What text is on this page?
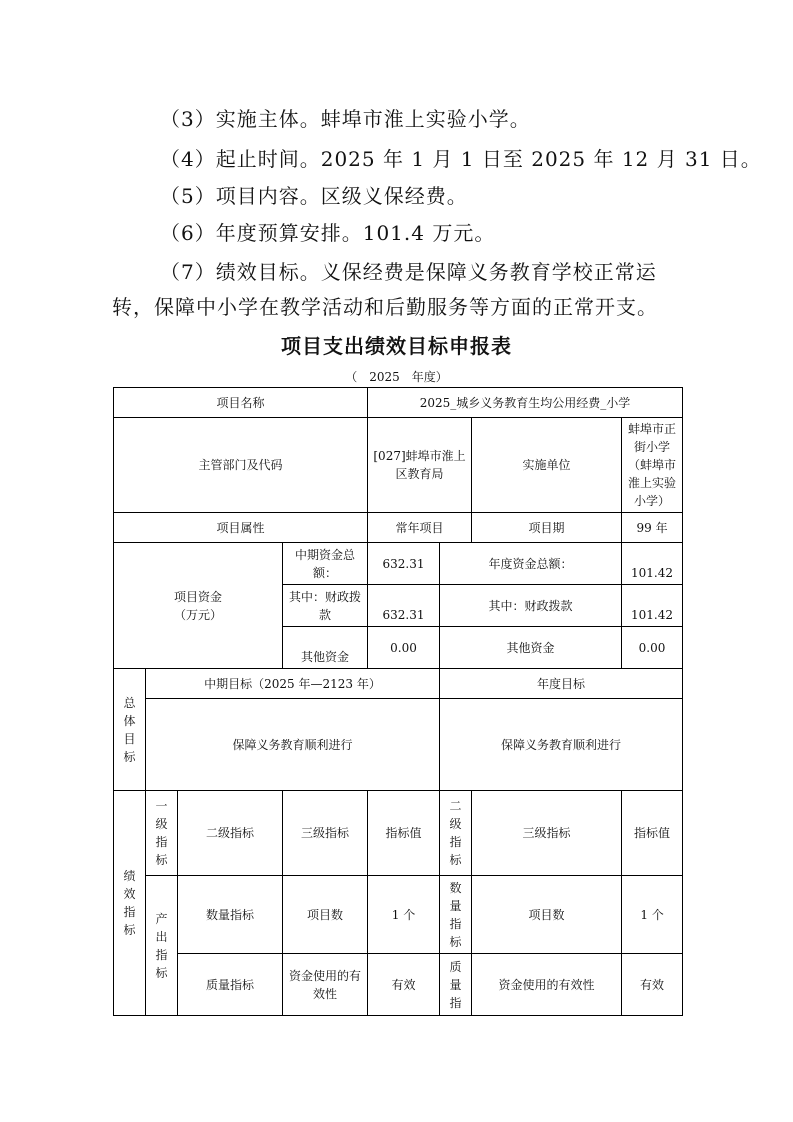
（3）实施主体。蚌埠市淮上实验小学。
（4）起止时间。2025 年 1 月 1 日至 2025 年 12 月 31 日。
（5）项目内容。区级义保经费。
（6）年度预算安排。101.4 万元。
（7）绩效目标。义保经费是保障义务教育学校正常运
转，保障中小学在教学活动和后勤服务等方面的正常开支。
项目支出绩效目标申报表
（　2025　年度）
项目名称				2025_城乡义务教育生均公用经费_小学			
主管部门及代码				[027]蚌埠市淮上区教育局		实施单位	蚌埠市正街小学（蚌埠市淮上实验小学）
项目属性				常年项目		项目期	99 年

项目资金
（万元）			中期资金总额：	632.31	年度资金总额：		101.42
			其中：财政拨款	632.31	其中：财政拨款		101.42
			其他资金	0.00	其他资金		0.00

总体目标	中期目标（2025 年—2123 年）				年度目标		
	保障义务教育顺利进行				保障义务教育顺利进行		

绩效指标	一级指标	二级指标	三级指标	指标值	二级指标	三级指标	指标值

	产出指标	数量指标	项目数	1 个	数量指标	项目数	1 个
		质量指标	资金使用的有效性	有效	质量指	资金使用的有效性	有效
